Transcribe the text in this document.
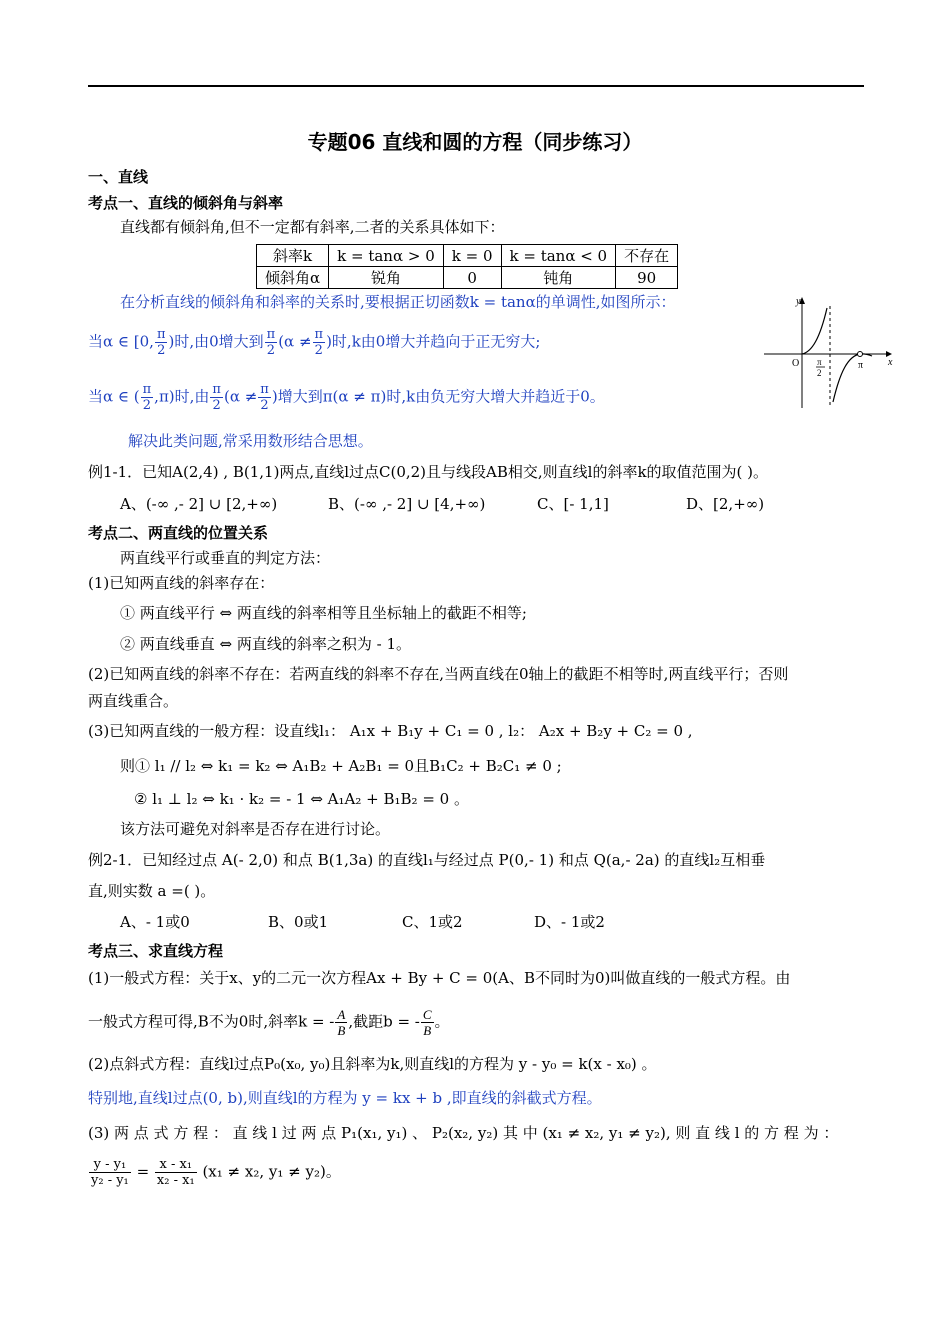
专题06 直线和圆的方程（同步练习）
一、直线
考点一、直线的倾斜角与斜率
直线都有倾斜角,但不一定都有斜率,二者的关系具体如下：
斜率k	k = tanα > 0	k = 0	k = tanα < 0	不存在
倾斜角α	锐角	0	钝角	90
在分析直线的倾斜角和斜率的关系时,要根据正切函数k = tanα的单调性,如图所示：
当α ∈ [0, $\frac{\pi}{2}$ )时,由0增大到 $\frac{\pi}{2} (\alpha \ne \frac{\pi}{2}$ )时,k由0增大并趋向于正无穷大;
当α ∈ ( $\frac{\pi}{2} ,\pi$)时,由 $\frac{\pi}{2} (\alpha \ne \frac{\pi}{2}$ )增大到π(α ≠ π)时,k由负无穷大增大并趋近于0。
y
x
O	π
π
2
解决此类问题,常采用数形结合思想。
例1-1．已知A(2,4) , B(1,1)两点,直线l过点C(0,2)且与线段AB相交,则直线l的斜率k的取值范围为( )。
A、(-∞ ,- 2] ∪ [2,+∞)	B、(-∞ ,- 2] ∪ [4,+∞)	C、[- 1,1]	D、[2,+∞)
考点二、两直线的位置关系
两直线平行或垂直的判定方法：
(1)已知两直线的斜率存在：
① 两直线平行 ⇔ 两直线的斜率相等且坐标轴上的截距不相等;
② 两直线垂直 ⇔ 两直线的斜率之积为 - 1。
(2)已知两直线的斜率不存在：若两直线的斜率不存在,当两直线在0轴上的截距不相等时,两直线平行；否则
两直线重合。
(3)已知两直线的一般方程：设直线l₁： A₁x + B₁y + C₁ = 0 , l₂： A₂x + B₂y + C₂ = 0 ,
则① l₁ // l₂ ⇔ k₁ = k₂ ⇔ A₁B₂ + A₂B₁ = 0且B₁C₂ + B₂C₁ ≠ 0 ;
② l₁ ⊥ l₂ ⇔ k₁ · k₂ = - 1 ⇔ A₁A₂ + B₁B₂ = 0 。
该方法可避免对斜率是否存在进行讨论。
例2-1．已知经过点 A(- 2,0) 和点 B(1,3a) 的直线l₁与经过点 P(0,- 1) 和点 Q(a,- 2a) 的直线l₂互相垂
直,则实数 a =( )。
A、- 1或0	B、0或1	C、1或2	D、- 1或2
考点三、求直线方程
(1)一般式方程：关于x、y的二元一次方程Ax + By + C = 0(A、B不同时为0)叫做直线的一般式方程。由
一般式方程可得,B不为0时,斜率k = - $\frac{A}{B}$ ,截距b = - $\frac{C}{B}$ 。
(2)点斜式方程：直线l过点P₀(x₀, y₀)且斜率为k,则直线l的方程为 y - y₀ = k(x - x₀) 。
特别地,直线l过点(0, b),则直线l的方程为 y = kx + b ,即直线的斜截式方程。
(3) 两 点 式 方 程 ： 直 线 l 过 两 点 P₁(x₁, y₁) 、 P₂(x₂, y₂) 其 中 (x₁ ≠ x₂, y₁ ≠ y₂), 则 直 线 l 的 方 程 为 ：
$\frac{\text{y - y₁}}{\text{y₂ - y₁}} = \frac{\text{x - x₁}}{\text{x₂ - x₁}} (x_1 \ne x_2$, y₁ ≠ y₂)。
